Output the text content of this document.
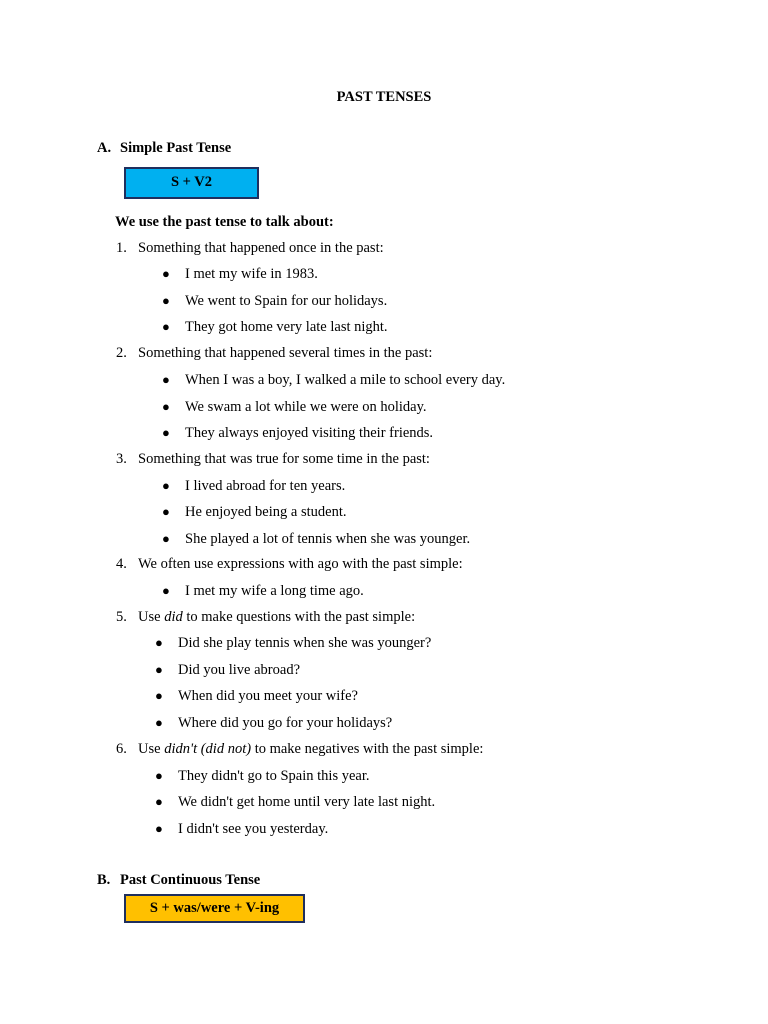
PAST TENSES
A. Simple Past Tense
S + V2
We use the past tense to talk about:
1. Something that happened once in the past:
● I met my wife in 1983.
● We went to Spain for our holidays.
● They got home very late last night.
2. Something that happened several times in the past:
● When I was a boy, I walked a mile to school every day.
● We swam a lot while we were on holiday.
● They always enjoyed visiting their friends.
3. Something that was true for some time in the past:
● I lived abroad for ten years.
● He enjoyed being a student.
● She played a lot of tennis when she was younger.
4. We often use expressions with ago with the past simple:
● I met my wife a long time ago.
5. Use did to make questions with the past simple:
● Did she play tennis when she was younger?
● Did you live abroad?
● When did you meet your wife?
● Where did you go for your holidays?
6. Use didn't (did not) to make negatives with the past simple:
● They didn't go to Spain this year.
● We didn't get home until very late last night.
● I didn't see you yesterday.
B. Past Continuous Tense
S + was/were + V-ing
